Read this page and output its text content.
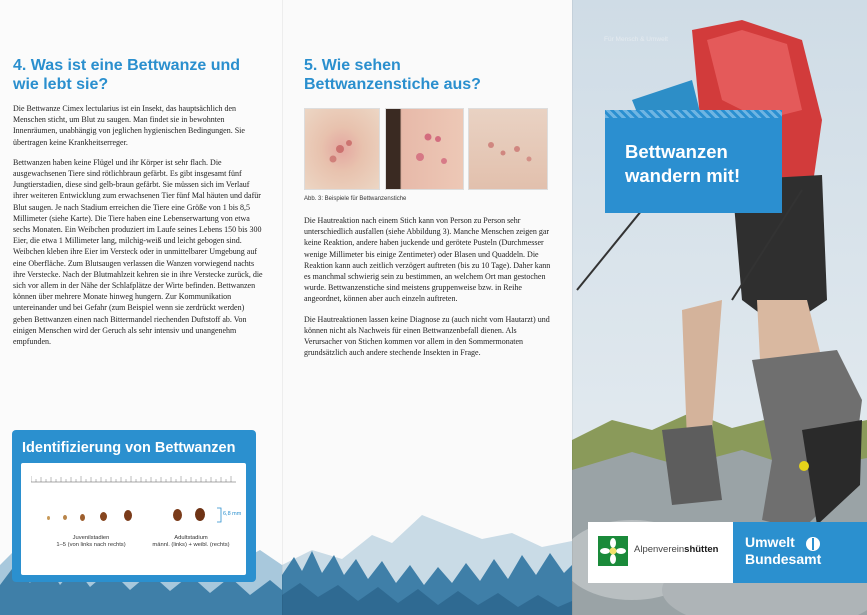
4. Was ist eine Bettwanze und wie lebt sie?

Die Bettwanze Cimex lectularius ist ein Insekt, das hauptsächlich den Menschen sticht, um Blut zu saugen. Man findet sie in bewohnten Innenräumen, unabhängig von jeglichen hygienischen Bedingungen. Sie übertragen keine Krankheitserreger.

Bettwanzen haben keine Flügel und ihr Körper ist sehr flach. Die ausgewachsenen Tiere sind rötlichbraun gefärbt. Es gibt insgesamt fünf Jungtierstadien, diese sind gelb-braun gefärbt. Sie müssen sich im Verlauf ihrer weiteren Entwicklung zum erwachsenen Tier fünf Mal häuten und dafür Blut saugen. Je nach Stadium erreichen die Tiere eine Größe von 1 bis 8,5 Millimeter (siehe Karte). Die Tiere haben eine Lebenserwartung von etwa sechs Monaten. Ein Weibchen produziert im Laufe seines Lebens 150 bis 300 Eier, die etwa 1 Millimeter lang, milchig-weiß und leicht gebogen sind. Weibchen kleben ihre Eier im Versteck oder in unmittelbarer Umgebung auf eine Oberfläche. Zum Blutsaugen verlassen die Wanzen vorwiegend nachts ihre Verstecke. Nach der Blutmahlzeit kehren sie in ihre Verstecke zurück, die sich vor allem in der Nähe der Schlafplätze der Wirte befinden. Bettwanzen können über mehrere Monate hinweg hungern. Zur Kommunikation untereinander und bei Gefahr (zum Beispiel wenn sie zerdrückt werden) geben Bettwanzen einen nach Bittermandel riechenden Duftstoff ab. Von einigen Menschen wird der Geruch als sehr intensiv und unangenehm empfunden.

Identifizierung von Bettwanzen
6,8 mm
Juvenilstadien
1–5 (von links nach rechts)
Adultstadium
männl. (links) + weibl. (rechts)
5. Wie sehen Bettwanzenstiche aus?

Abb. 3: Beispiele für Bettwanzenstiche

Die Hautreaktion nach einem Stich kann von Person zu Person sehr unterschiedlich ausfallen (siehe Abbildung 3). Manche Menschen zeigen gar keine Reaktion, andere haben juckende und gerötete Pusteln (Durchmesser wenige Millimeter bis einige Zentimeter) oder Blasen und Quaddeln. Die Reaktion kann auch zeitlich verzögert auftreten (bis zu 10 Tage). Daher kann es manchmal schwierig sein zu bestimmen, an welchem Ort man gestochen wurde. Bettwanzenstiche sind meistens gruppenweise bzw. in Reihe angeordnet, können aber auch einzeln auftreten.

Die Hautreaktionen lassen keine Diagnose zu (auch nicht vom Hautarzt) und können nicht als Nachweis für einen Bettwanzenbefall dienen. Als Verursacher von Stichen kommen vor allem in den Sommermonaten grundsätzlich auch andere stechende Insekten in Frage.

Für Mensch & Umwelt
Bettwanzen
wandern mit!
Alpenvereinshütten Umwelt
Bundesamt
